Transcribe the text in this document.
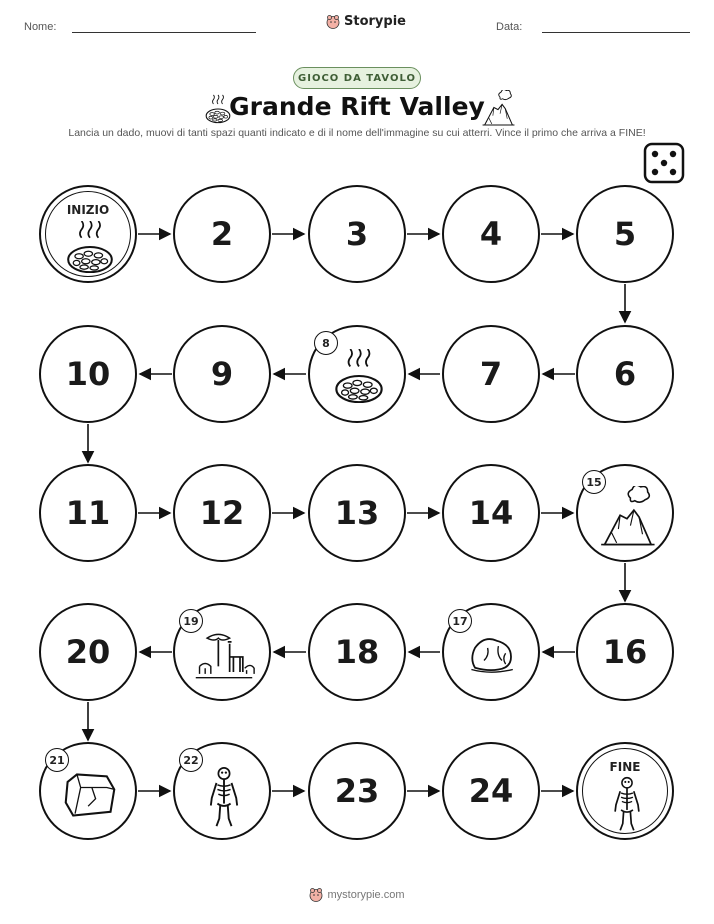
Nome:	Storypie	Data:
GIOCO DA TAVOLO
Grande Rift Valley
Lancia un dado, muovi di tanti spazi quanti indicato e di il nome dell'immagine su cui atterri. Vince il primo che arriva a FINE!
INIZIO
2	3	4	5
10	9
8
7	6
11	12	13	14
15
20
19
18
17
16
21	22
23	24
FINE
mystorypie.com
